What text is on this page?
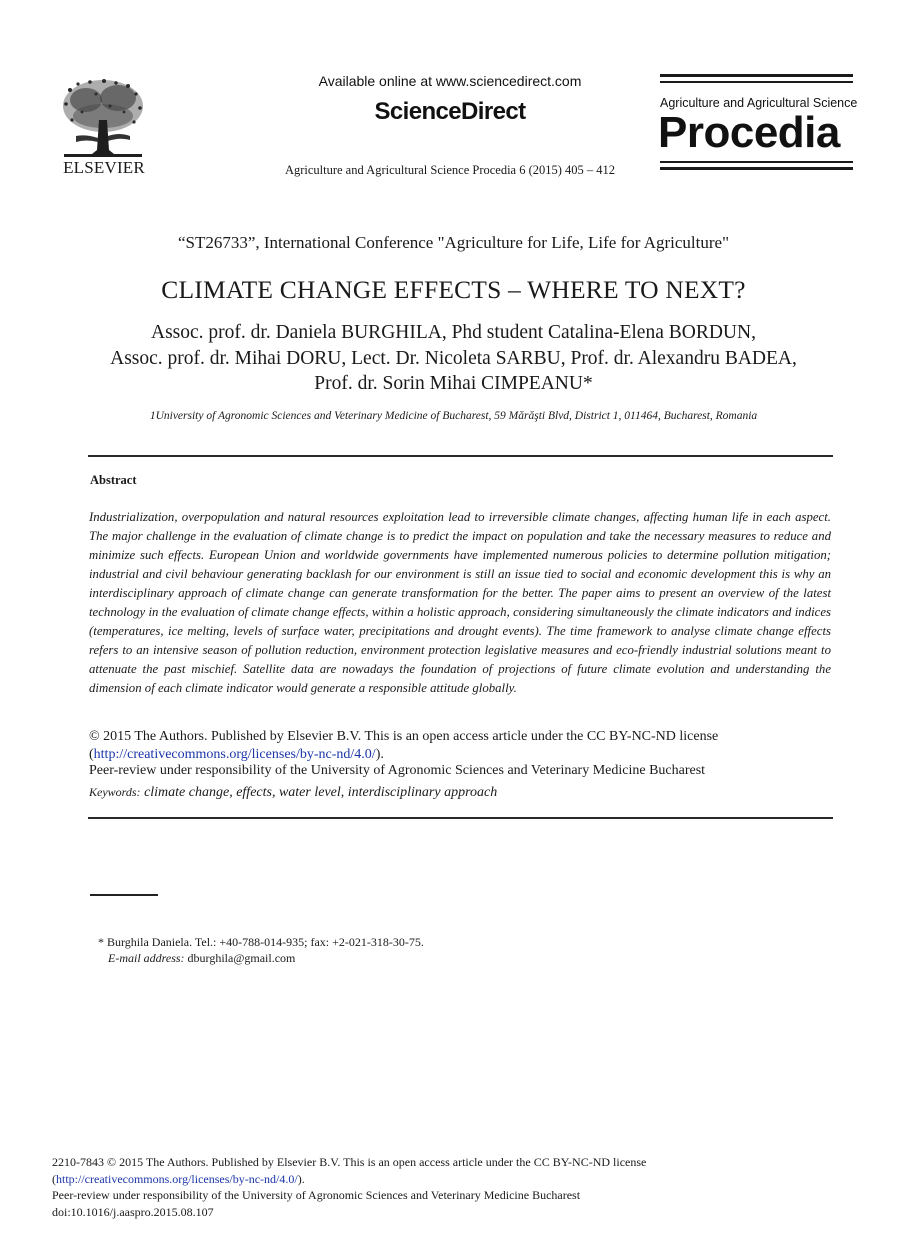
ELSEVIER
Available online at www.sciencedirect.com
ScienceDirect
Agriculture and Agricultural Science Procedia 6 (2015) 405 – 412
Agriculture and Agricultural Science
Procedia
“ST26733”, International Conference "Agriculture for Life, Life for Agriculture"
CLIMATE CHANGE EFFECTS – WHERE TO NEXT?
Assoc. prof. dr. Daniela BURGHILA, Phd student Catalina-Elena BORDUN,
Assoc. prof. dr. Mihai DORU, Lect. Dr. Nicoleta SARBU, Prof. dr. Alexandru BADEA,
Prof. dr. Sorin Mihai CIMPEANU*
1University of Agronomic Sciences and Veterinary Medicine of Bucharest, 59 Mărăşti Blvd, District 1, 011464, Bucharest, Romania
Abstract
Industrialization, overpopulation and natural resources exploitation lead to irreversible climate changes, affecting human life in each aspect. The major challenge in the evaluation of climate change is to predict the impact on population and take the necessary measures to reduce and minimize such effects. European Union and worldwide governments have implemented numerous policies to determine pollution mitigation; industrial and civil behaviour generating backlash for our environment is still an issue tied to social and economic development this is why an interdisciplinary approach of climate change can generate transformation for the better. The paper aims to present an overview of the latest technology in the evaluation of climate change effects, within a holistic approach, considering simultaneously the climate indicators and indices (temperatures, ice melting, levels of surface water, precipitations and drought events). The time framework to analyse climate change effects refers to an intensive season of pollution reduction, environment protection legislative measures and eco-friendly industrial solutions meant to attenuate the past mischief. Satellite data are nowadays the foundation of projections of future climate evolution and understanding the dimension of each climate indicator would generate a responsible attitude globally.
© 2015 The Authors. Published by Elsevier B.V. This is an open access article under the CC BY-NC-ND license
(http://creativecommons.org/licenses/by-nc-nd/4.0/).
Peer-review under responsibility of the University of Agronomic Sciences and Veterinary Medicine Bucharest
Keywords: climate change, effects, water level, interdisciplinary approach
* Burghila Daniela. Tel.: +40-788-014-935; fax: +2-021-318-30-75.
E-mail address: dburghila@gmail.com
2210-7843 © 2015 The Authors. Published by Elsevier B.V. This is an open access article under the CC BY-NC-ND license
(http://creativecommons.org/licenses/by-nc-nd/4.0/).
Peer-review under responsibility of the University of Agronomic Sciences and Veterinary Medicine Bucharest
doi:10.1016/j.aaspro.2015.08.107
